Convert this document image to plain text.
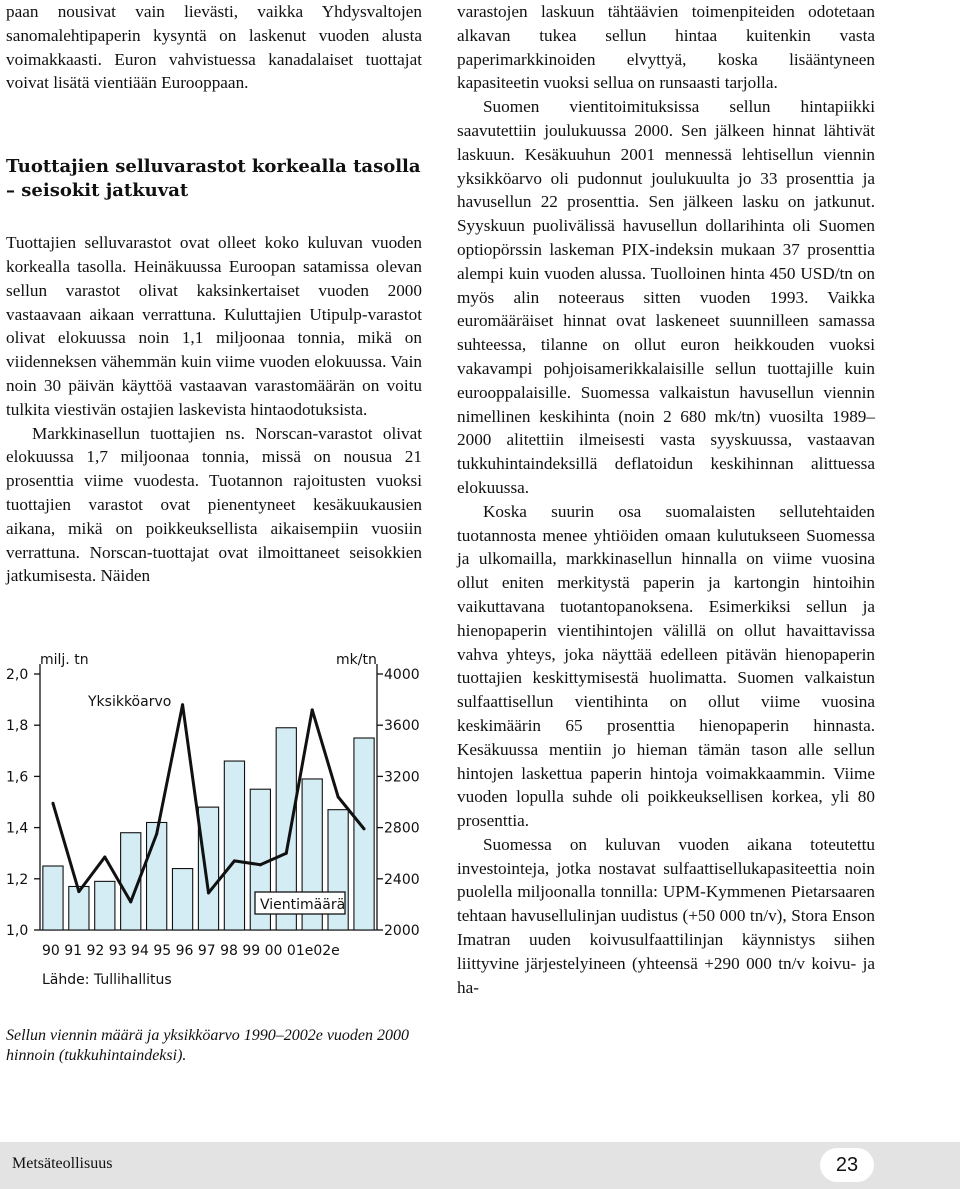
paan nousivat vain lievästi, vaikka Yhdysvaltojen sanomalehtipaperin kysyntä on laskenut vuoden alusta voimakkaasti. Euron vahvistuessa kanadalaiset tuottajat voivat lisätä vientiään Eurooppaan.

Tuottajien selluvarastot korkealla tasolla – seisokit jatkuvat

Tuottajien selluvarastot ovat olleet koko kuluvan vuoden korkealla tasolla. Heinäkuussa Euroopan satamissa olevan sellun varastot olivat kaksinkertaiset vuoden 2000 vastaavaan aikaan verrattuna. Kuluttajien Utipulp-varastot olivat elokuussa noin 1,1 miljoonaa tonnia, mikä on viidenneksen vähemmän kuin viime vuoden elokuussa. Vain noin 30 päivän käyttöä vastaavan varastomäärän on voitu tulkita viestivän ostajien laskevista hintaodotuksista.

Markkinasellun tuottajien ns. Norscan-varastot olivat elokuussa 1,7 miljoonaa tonnia, missä on nousua 21 prosenttia viime vuodesta. Tuotannon rajoitusten vuoksi tuottajien varastot ovat pienentyneet kesäkuukausien aikana, mikä on poikkeuksellista aikaisempiin vuosiin verrattuna. Norscan-tuottajat ovat ilmoittaneet seisokkien jatkumisesta. Näiden

milj. tn	mk/tn
Yksikköarvo
Lähde: Tullihallitus
90 91 92 93 94 95 96 97 98 99 00 01e02e
2,0
1,8
1,6
1,4
1,2
1,0
4000
3600
3200
2800
2400
2000
Vientimäärä
Sellun viennin määrä ja yksikköarvo 1990–2002e vuoden 2000 hinnoin (tukkuhintaindeksi).

varastojen laskuun tähtäävien toimenpiteiden odotetaan alkavan tukea sellun hintaa kuitenkin vasta paperimarkkinoiden elvyttyä, koska lisääntyneen kapasiteetin vuoksi sellua on runsaasti tarjolla.

Suomen vientitoimituksissa sellun hintapiikki saavutettiin joulukuussa 2000. Sen jälkeen hinnat lähtivät laskuun. Kesäkuuhun 2001 mennessä lehtisellun viennin yksikköarvo oli pudonnut joulukuulta jo 33 prosenttia ja havusellun 22 prosenttia. Sen jälkeen lasku on jatkunut. Syyskuun puolivälissä havusellun dollarihinta oli Suomen optiopörssin laskeman PIX-indeksin mukaan 37 prosenttia alempi kuin vuoden alussa. Tuolloinen hinta 450 USD/tn on myös alin noteeraus sitten vuoden 1993. Vaikka euromääräiset hinnat ovat laskeneet suunnilleen samassa suhteessa, tilanne on ollut euron heikkouden vuoksi vakavampi pohjoisamerikkalaisille sellun tuottajille kuin eurooppalaisille. Suomessa valkaistun havusellun viennin nimellinen keskihinta (noin 2 680 mk/tn) vuosilta 1989–2000 alitettiin ilmeisesti vasta syyskuussa, vastaavan tukkuhintaindeksillä deflatoidun keskihinnan alittuessa elokuussa.

Koska suurin osa suomalaisten sellutehtaiden tuotannosta menee yhtiöiden omaan kulutukseen Suomessa ja ulkomailla, markkinasellun hinnalla on viime vuosina ollut eniten merkitystä paperin ja kartongin hintoihin vaikuttavana tuotantopanoksena. Esimerkiksi sellun ja hienopaperin vientihintojen välillä on ollut havaittavissa vahva yhteys, joka näyttää edelleen pitävän hienopaperin tuottajien keskittymisestä huolimatta. Suomen valkaistun sulfaattisellun vientihinta on ollut viime vuosina keskimäärin 65 prosenttia hienopaperin hinnasta. Kesäkuussa mentiin jo hieman tämän tason alle sellun hintojen laskettua paperin hintoja voimakkaammin. Viime vuoden lopulla suhde oli poikkeuksellisen korkea, yli 80 prosenttia.

Suomessa on kuluvan vuoden aikana toteutettu investointeja, jotka nostavat sulfaattisellukapasiteettia noin puolella miljoonalla tonnilla: UPM-Kymmenen Pietarsaaren tehtaan havusellulinjan uudistus (+50 000 tn/v), Stora Enson Imatran uuden koivusulfaattilinjan käynnistys siihen liittyvine järjestelyineen (yhteensä +290 000 tn/v koivu- ja ha-

Metsäteollisuus	23
